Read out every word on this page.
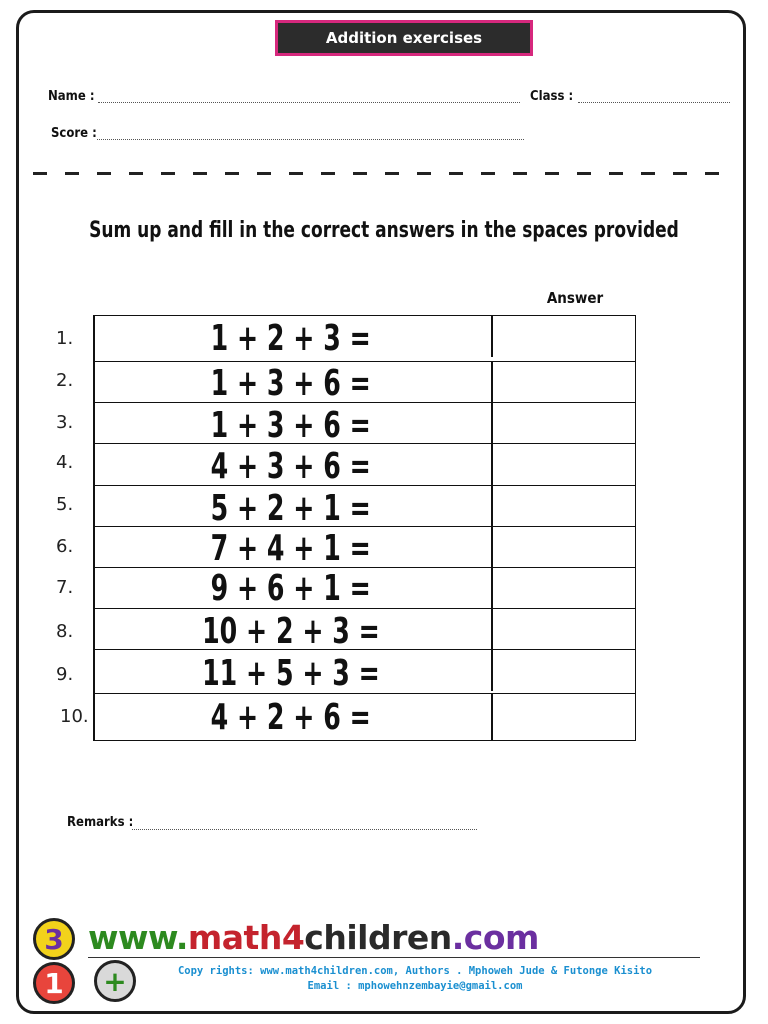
Addition exercises
Name :	Class :
Score :
Sum up and fill in the correct answers in the spaces provided
Answer
1.
2.
3.
4.
5.
6.
7.
8.
9.
10.
1 + 2 + 3 =
1 + 3 + 6 =
1 + 3 + 6 =
4 + 3 + 6 =
5 + 2 + 1 =
7 + 4 + 1 =
9 + 6 + 1 =
10 + 2 + 3 =
11 + 5 + 3 =
4 + 2 + 6 =
Remarks :
3
1	+
www.math4children.com
Copy rights: www.math4children.com, Authors . Mphoweh Jude & Futonge Kisito
Email : mphowehnzembayie@gmail.com
